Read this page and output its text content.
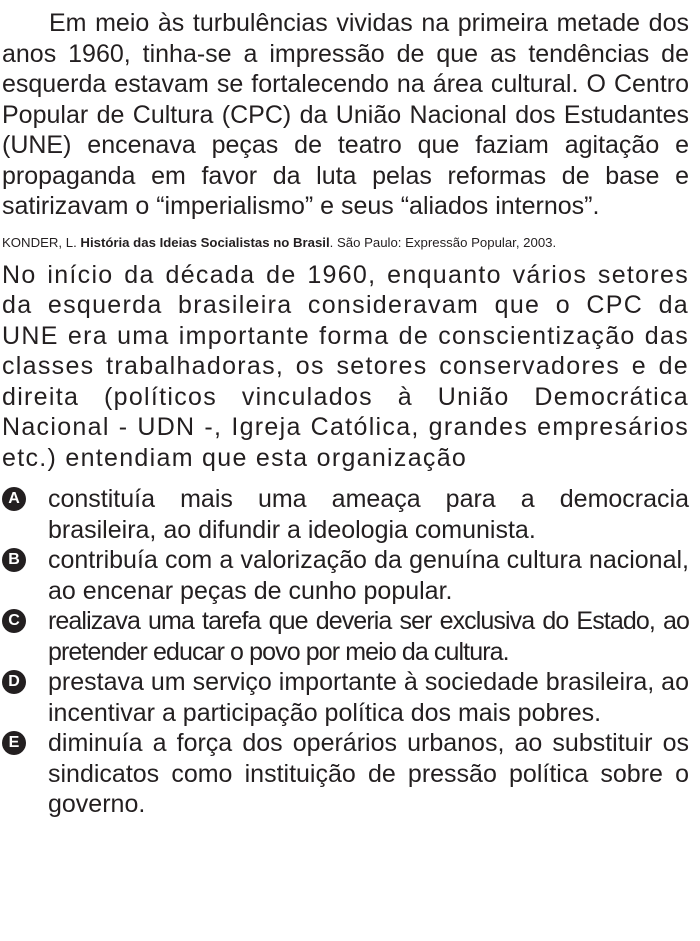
Em meio às turbulências vividas na primeira metade dos anos 1960, tinha-se a impressão de que as tendências de esquerda estavam se fortalecendo na área cultural. O Centro Popular de Cultura (CPC) da União Nacional dos Estudantes (UNE) encenava peças de teatro que faziam agitação e propaganda em favor da luta pelas reformas de base e satirizavam o “imperialismo” e seus “aliados internos”.

KONDER, L. História das Ideias Socialistas no Brasil. São Paulo: Expressão Popular, 2003.

No início da década de 1960, enquanto vários setores da esquerda brasileira consideravam que o CPC da UNE era uma importante forma de conscientização das classes trabalhadoras, os setores conservadores e de direita (políticos vinculados à União Democrática Nacional - UDN -, Igreja Católica, grandes empresários etc.) entendiam que esta organização

A constituía mais uma ameaça para a democracia brasileira, ao difundir a ideologia comunista.
B contribuía com a valorização da genuína cultura nacional, ao encenar peças de cunho popular.
C realizava uma tarefa que deveria ser exclusiva do Estado, ao pretender educar o povo por meio da cultura.
D prestava um serviço importante à sociedade brasileira, ao incentivar a participação política dos mais pobres.
E diminuía a força dos operários urbanos, ao substituir os sindicatos como instituição de pressão política sobre o governo.
